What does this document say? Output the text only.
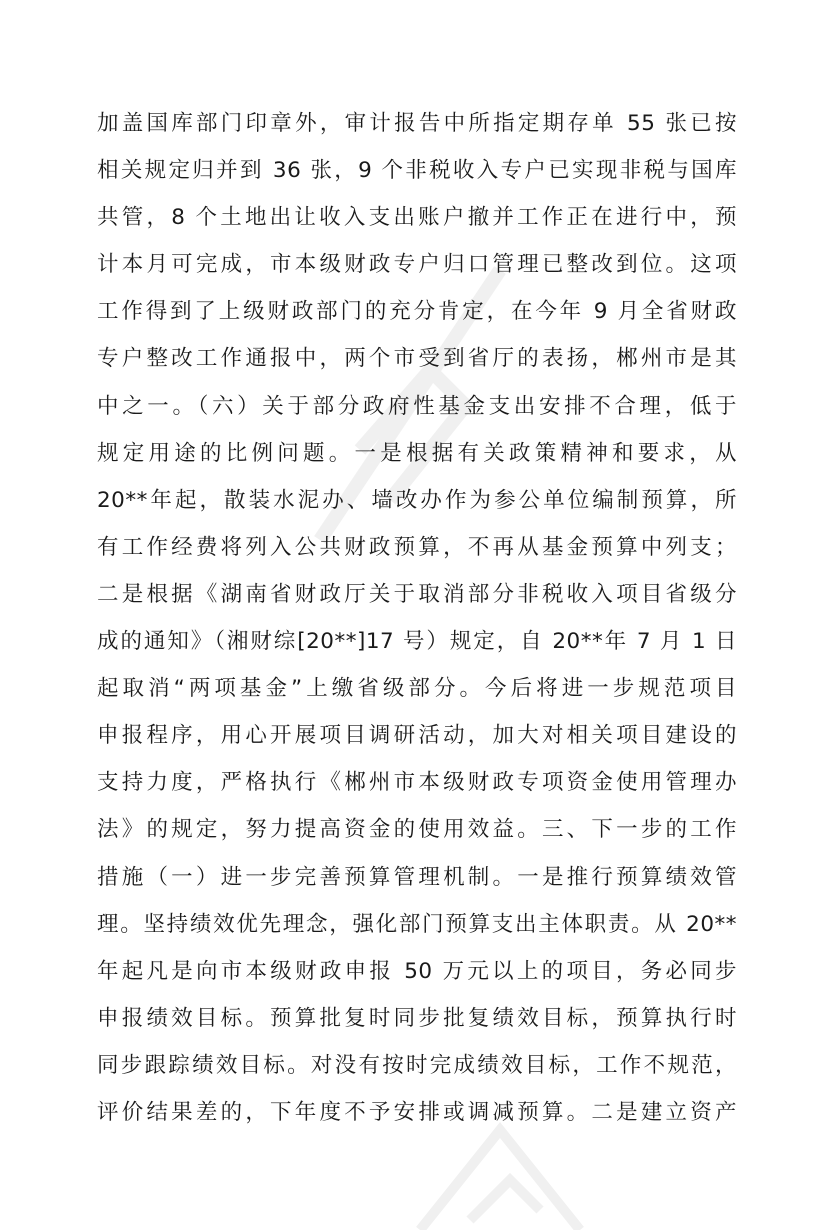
加盖国库部门印章外，审计报告中所指定期存单 55 张已按
相关规定归并到 36 张，9 个非税收入专户已实现非税与国库
共管，8 个土地出让收入支出账户撤并工作正在进行中，预
计本月可完成，市本级财政专户归口管理已整改到位。这项
工作得到了上级财政部门的充分肯定，在今年 9 月全省财政
专户整改工作通报中，两个市受到省厅的表扬，郴州市是其
中之一。（六）关于部分政府性基金支出安排不合理，低于
规定用途的比例问题。一是根据有关政策精神和要求，从
20**年起，散装水泥办、墙改办作为参公单位编制预算，所
有工作经费将列入公共财政预算，不再从基金预算中列支；
二是根据《湖南省财政厅关于取消部分非税收入项目省级分
成的通知》（湘财综[20**]17 号）规定，自 20**年 7 月 1 日
起取消“两项基金”上缴省级部分。今后将进一步规范项目
申报程序，用心开展项目调研活动，加大对相关项目建设的
支持力度，严格执行《郴州市本级财政专项资金使用管理办
法》的规定，努力提高资金的使用效益。三、下一步的工作
措施（一）进一步完善预算管理机制。一是推行预算绩效管
理。坚持绩效优先理念，强化部门预算支出主体职责。从 20**
年起凡是向市本级财政申报 50 万元以上的项目，务必同步
申报绩效目标。预算批复时同步批复绩效目标，预算执行时
同步跟踪绩效目标。对没有按时完成绩效目标，工作不规范，
评价结果差的，下年度不予安排或调减预算。二是建立资产
